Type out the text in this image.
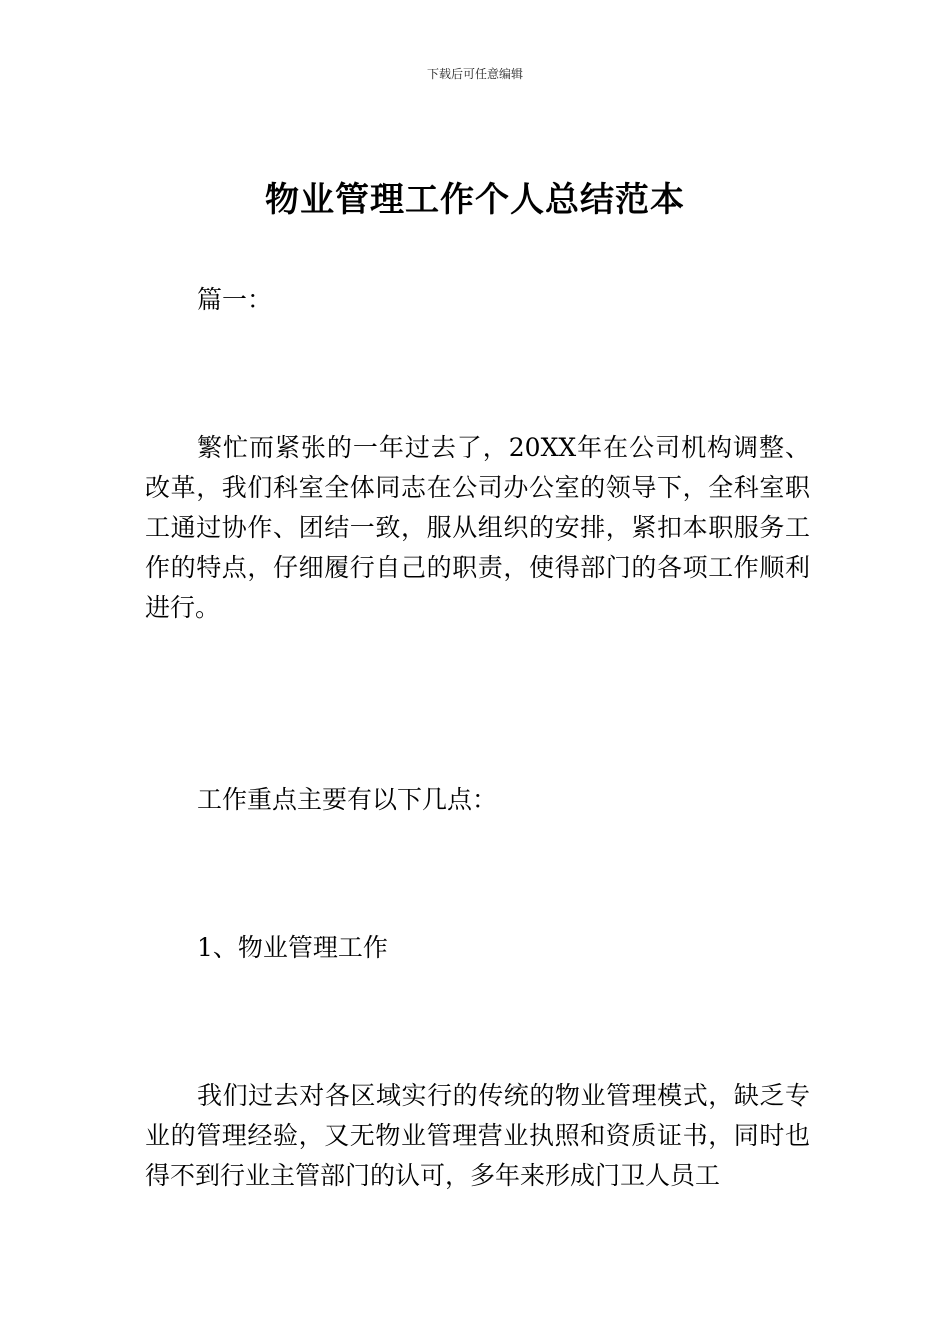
下载后可任意编辑
物业管理工作个人总结范本

篇一：

繁忙而紧张的一年过去了，20XX年在公司机构调整、改革，我们科室全体同志在公司办公室的领导下，全科室职工通过协作、团结一致，服从组织的安排，紧扣本职服务工作的特点，仔细履行自己的职责，使得部门的各项工作顺利进行。

工作重点主要有以下几点：

1、物业管理工作

我们过去对各区域实行的传统的物业管理模式，缺乏专业的管理经验，又无物业管理营业执照和资质证书，同时也得不到行业主管部门的认可，多年来形成门卫人员工
